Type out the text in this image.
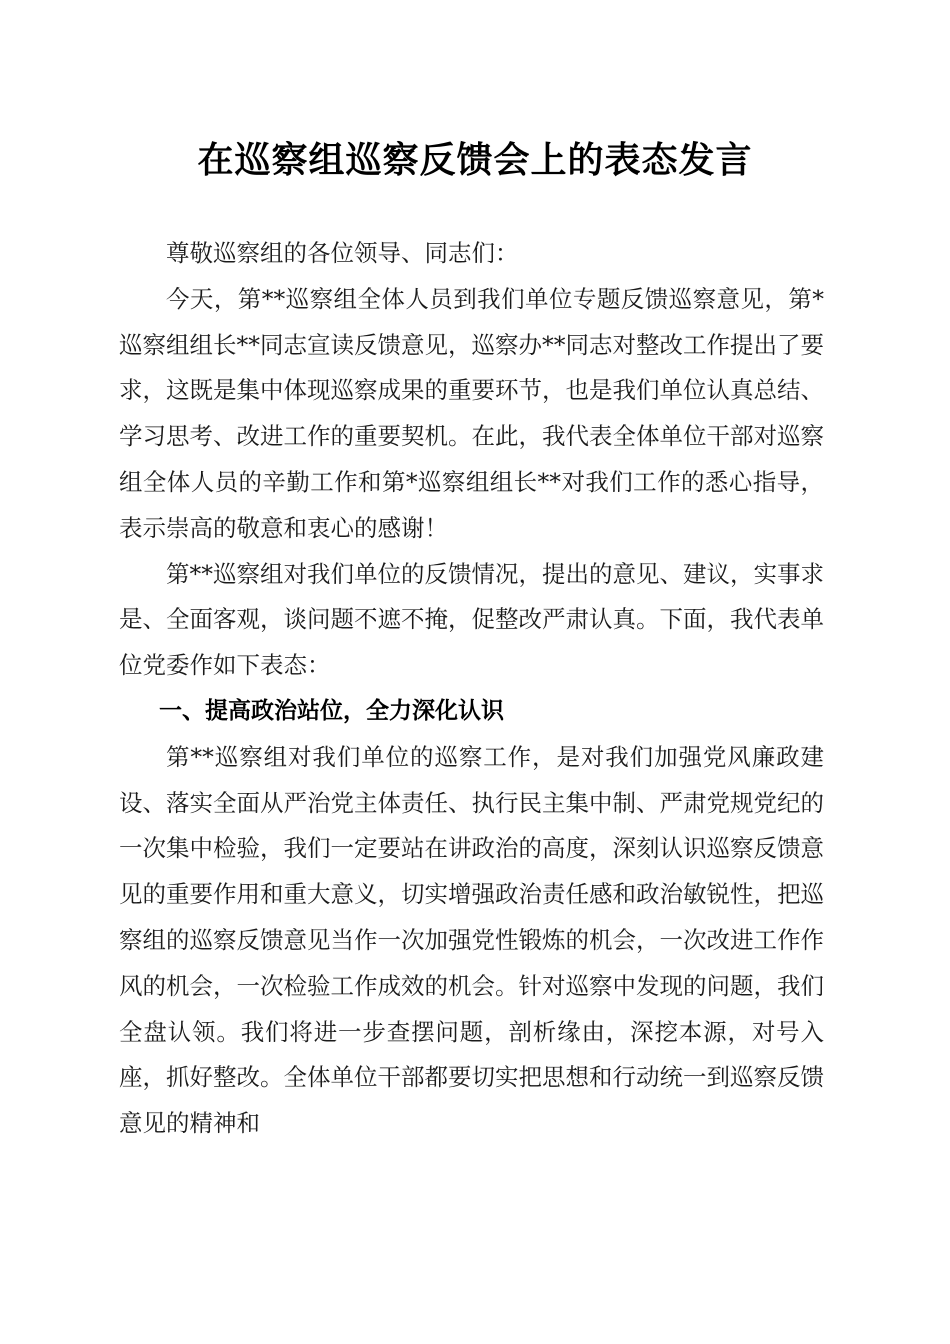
在巡察组巡察反馈会上的表态发言

尊敬巡察组的各位领导、同志们：

今天，第**巡察组全体人员到我们单位专题反馈巡察意见，第*巡察组组长**同志宣读反馈意见，巡察办**同志对整改工作提出了要求，这既是集中体现巡察成果的重要环节，也是我们单位认真总结、学习思考、改进工作的重要契机。在此，我代表全体单位干部对巡察组全体人员的辛勤工作和第*巡察组组长**对我们工作的悉心指导，表示崇高的敬意和衷心的感谢！

第**巡察组对我们单位的反馈情况，提出的意见、建议，实事求是、全面客观，谈问题不遮不掩，促整改严肃认真。下面，我代表单位党委作如下表态：

一、提高政治站位，全力深化认识

第**巡察组对我们单位的巡察工作，是对我们加强党风廉政建设、落实全面从严治党主体责任、执行民主集中制、严肃党规党纪的一次集中检验，我们一定要站在讲政治的高度，深刻认识巡察反馈意见的重要作用和重大意义，切实增强政治责任感和政治敏锐性，把巡察组的巡察反馈意见当作一次加强党性锻炼的机会，一次改进工作作风的机会，一次检验工作成效的机会。针对巡察中发现的问题，我们全盘认领。我们将进一步查摆问题，剖析缘由，深挖本源，对号入座，抓好整改。全体单位干部都要切实把思想和行动统一到巡察反馈意见的精神和
